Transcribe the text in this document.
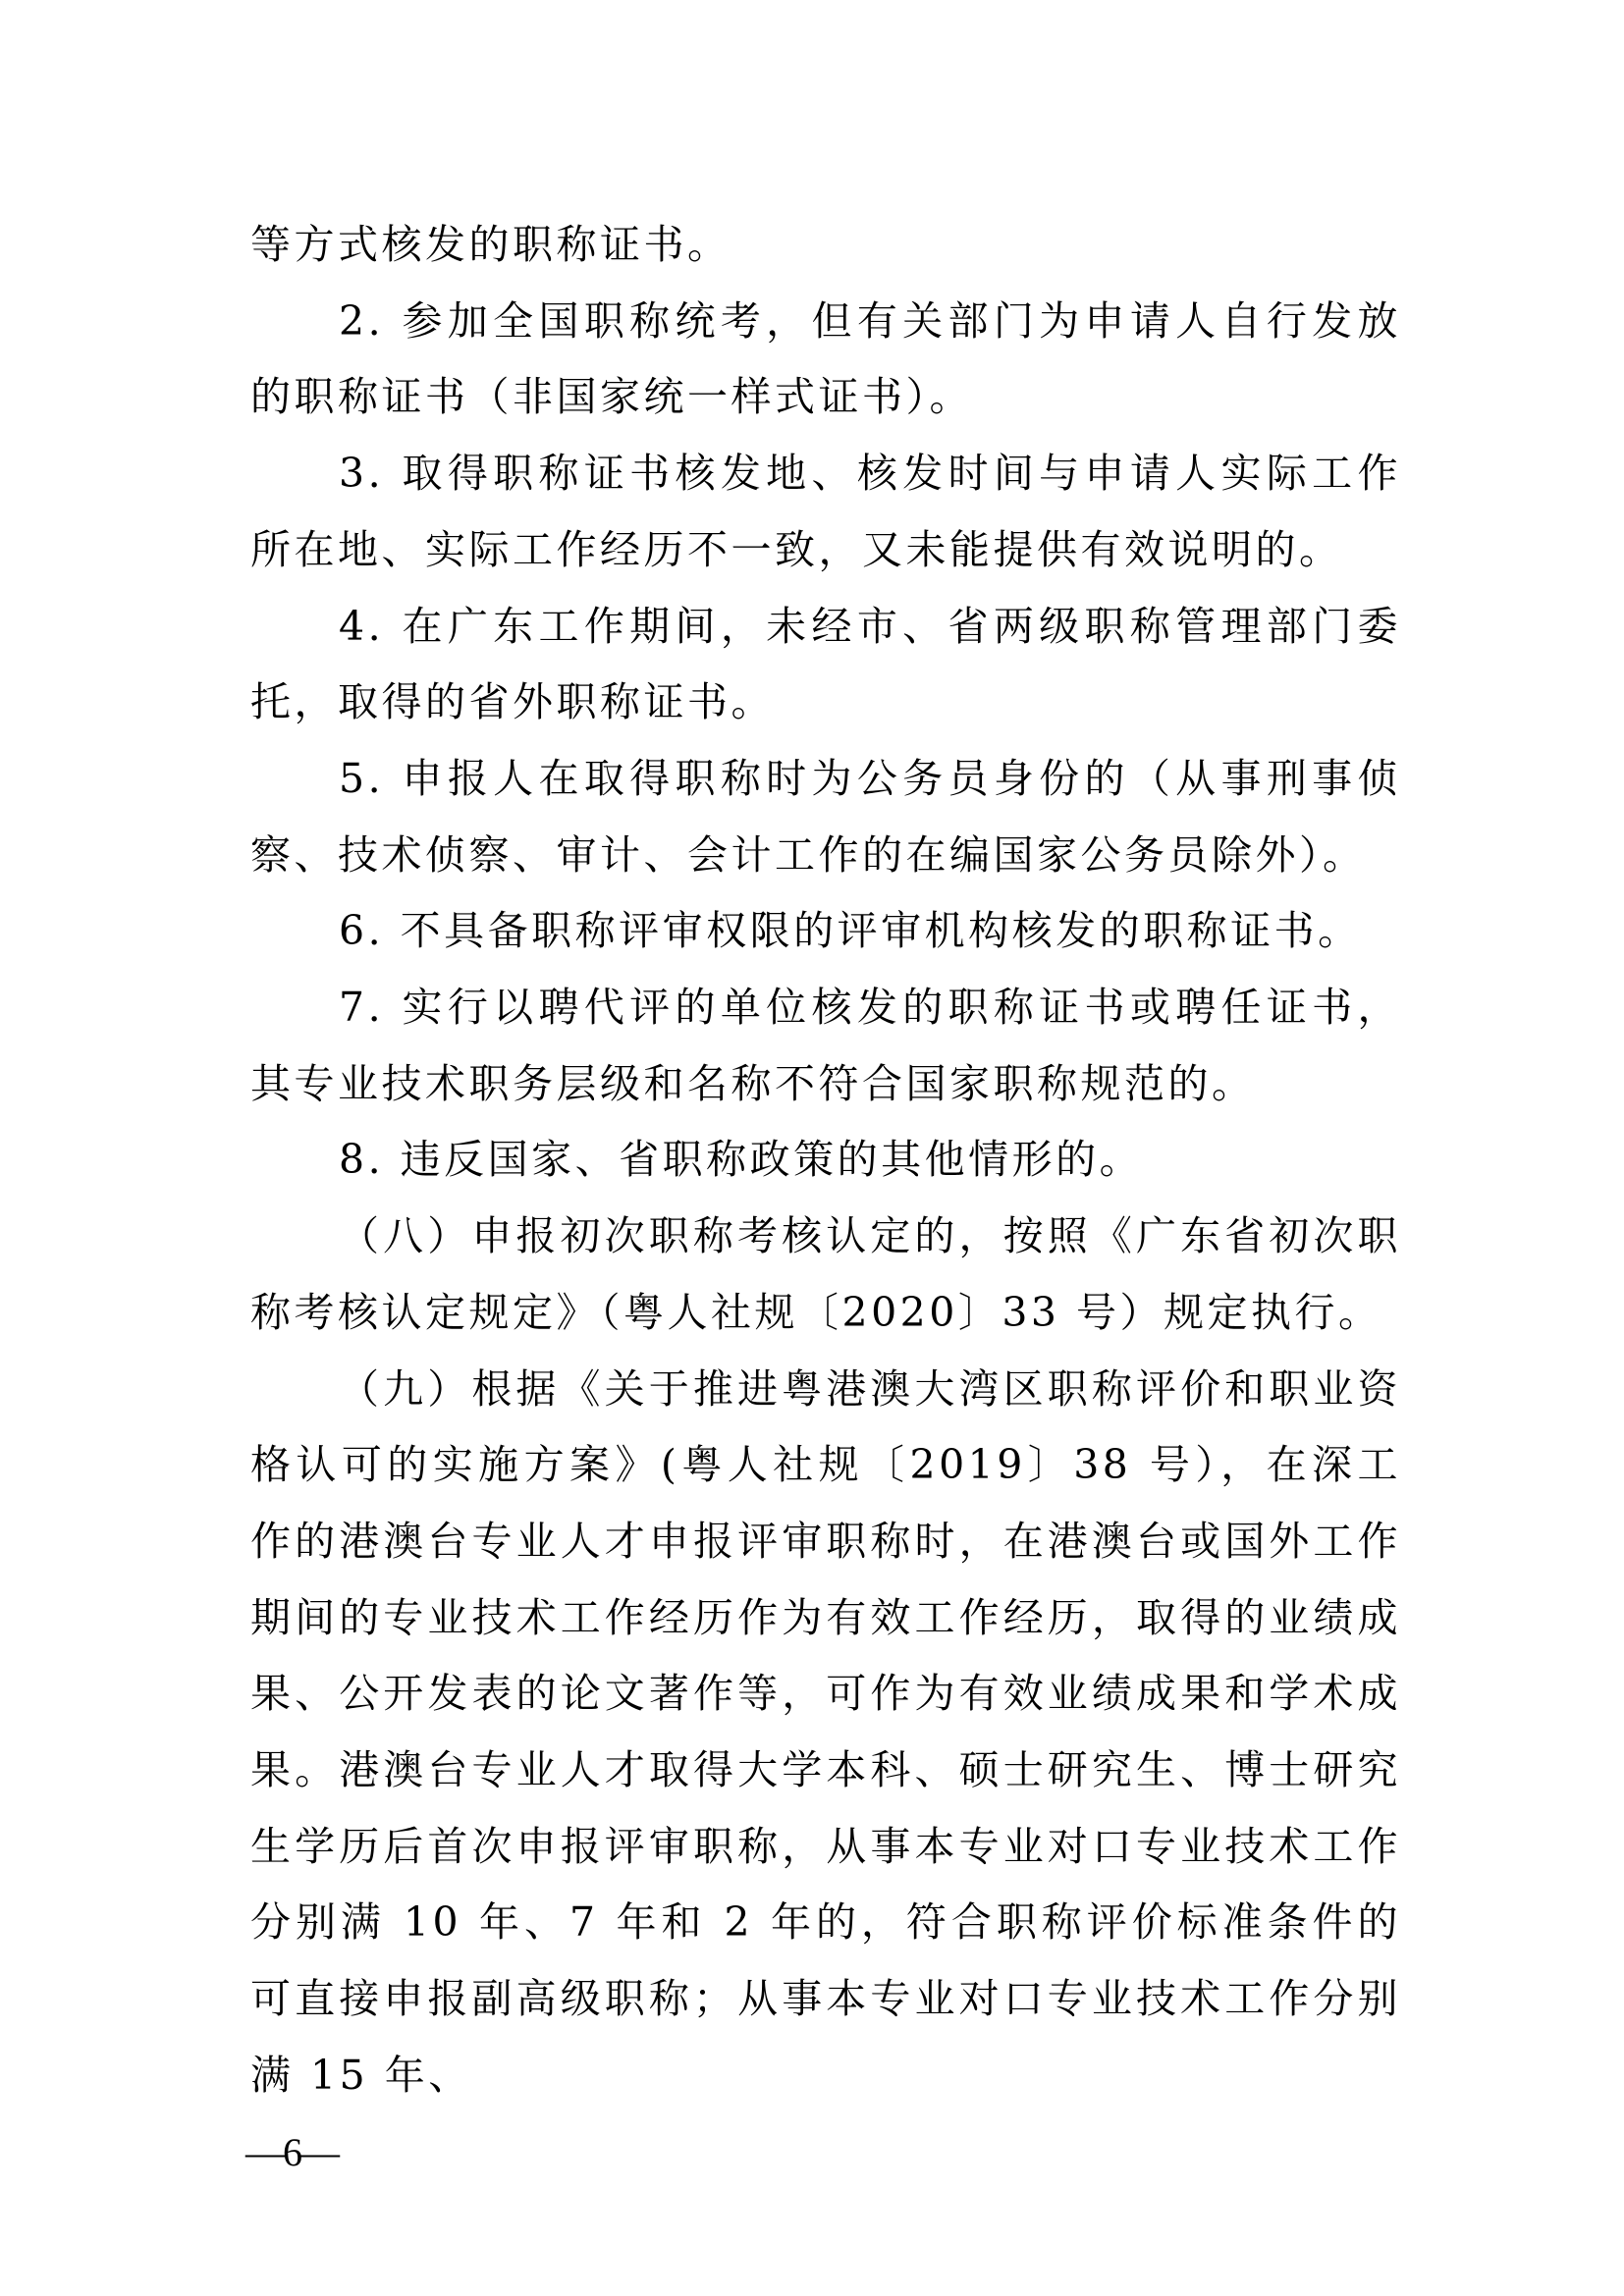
等方式核发的职称证书。

2. 参加全国职称统考，但有关部门为申请人自行发放的职称证书（非国家统一样式证书）。

3. 取得职称证书核发地、核发时间与申请人实际工作所在地、实际工作经历不一致，又未能提供有效说明的。

4. 在广东工作期间，未经市、省两级职称管理部门委托，取得的省外职称证书。

5. 申报人在取得职称时为公务员身份的（从事刑事侦察、技术侦察、审计、会计工作的在编国家公务员除外）。

6. 不具备职称评审权限的评审机构核发的职称证书。

7. 实行以聘代评的单位核发的职称证书或聘任证书，其专业技术职务层级和名称不符合国家职称规范的。

8. 违反国家、省职称政策的其他情形的。

（八）申报初次职称考核认定的，按照《广东省初次职称考核认定规定》（粤人社规〔2020〕33 号）规定执行。

（九）根据《关于推进粤港澳大湾区职称评价和职业资格认可的实施方案》(粤人社规〔2019〕38 号），在深工作的港澳台专业人才申报评审职称时，在港澳台或国外工作期间的专业技术工作经历作为有效工作经历，取得的业绩成果、公开发表的论文著作等，可作为有效业绩成果和学术成果。港澳台专业人才取得大学本科、硕士研究生、博士研究生学历后首次申报评审职称，从事本专业对口专业技术工作分别满 10 年、7 年和 2 年的，符合职称评价标准条件的可直接申报副高级职称；从事本专业对口专业技术工作分别满 15 年、

—6—
